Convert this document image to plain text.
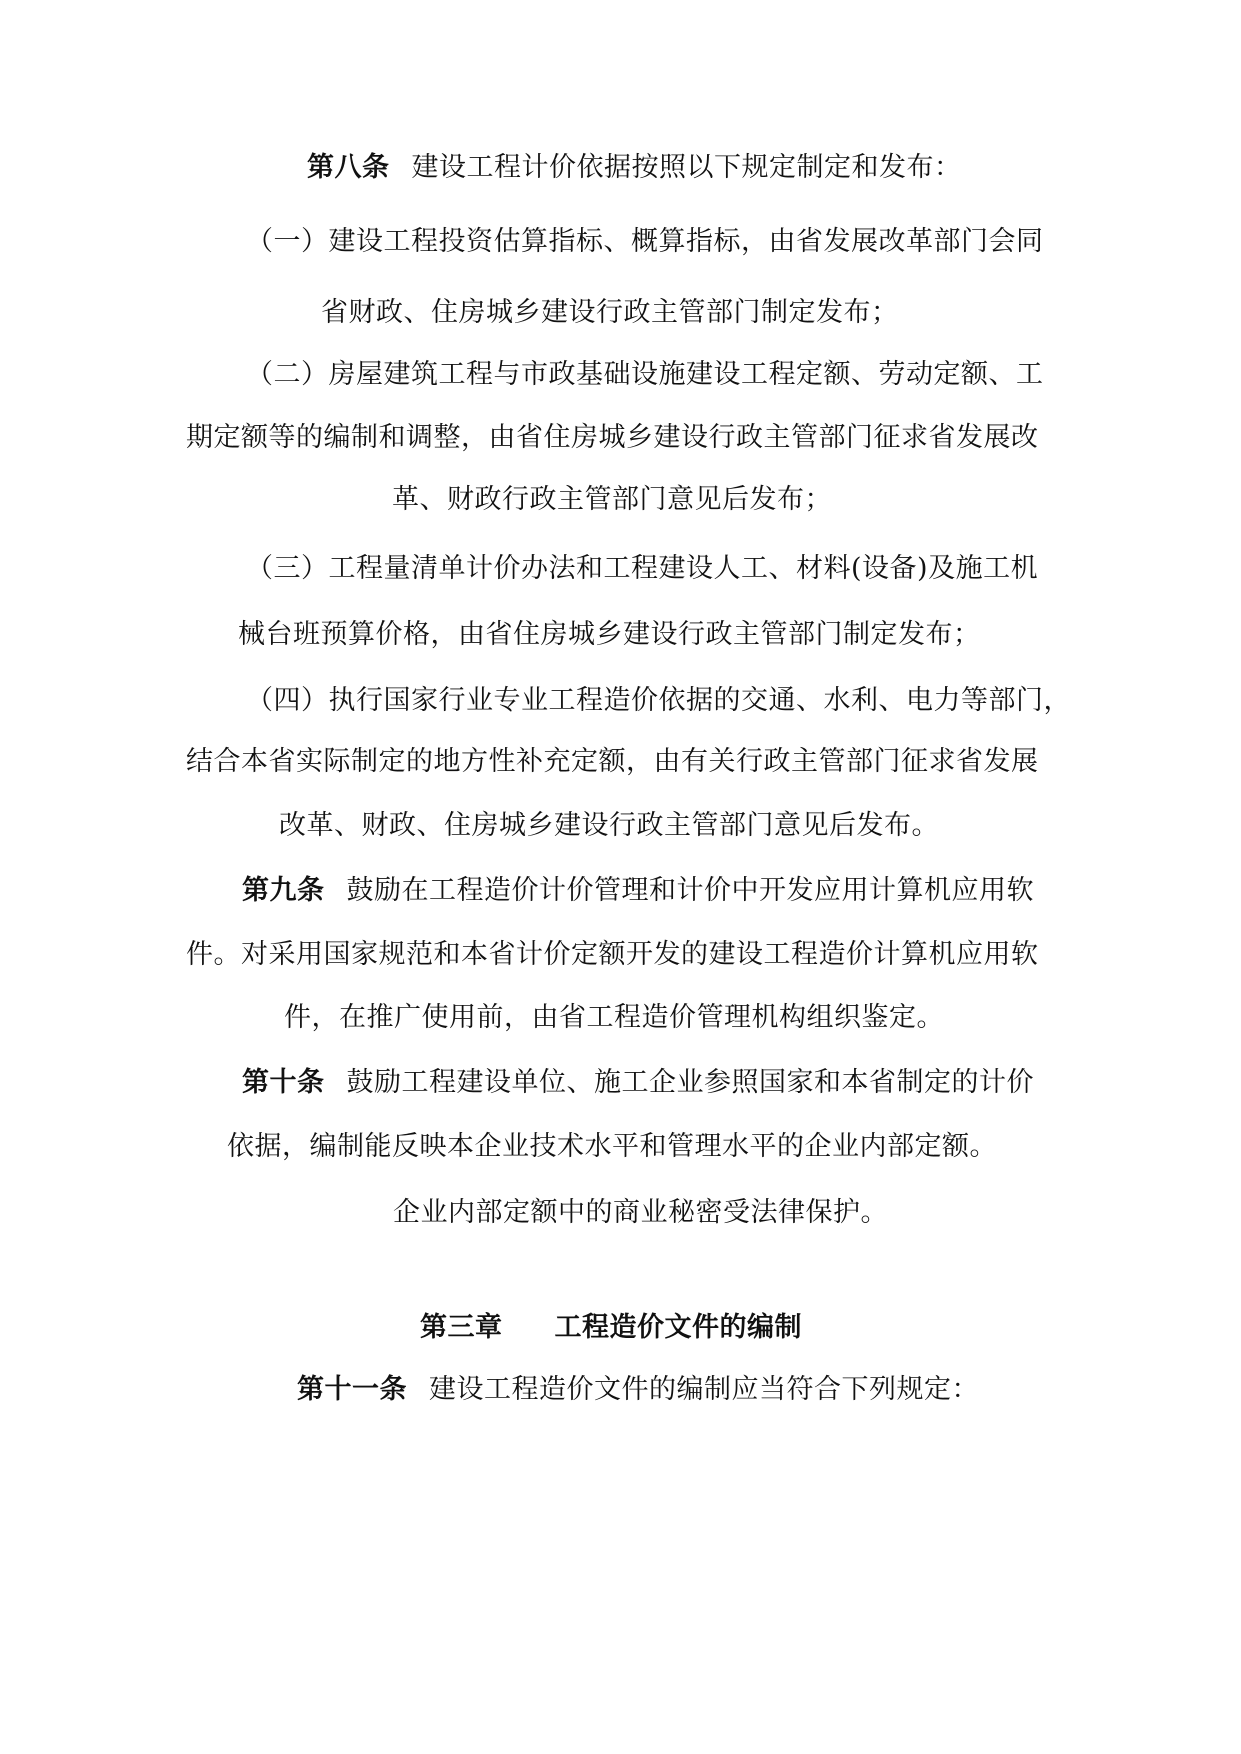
第八条 建设工程计价依据按照以下规定制定和发布：

（一）建设工程投资估算指标、概算指标，由省发展改革部门会同

省财政、住房城乡建设行政主管部门制定发布；

（二）房屋建筑工程与市政基础设施建设工程定额、劳动定额、工

期定额等的编制和调整，由省住房城乡建设行政主管部门征求省发展改

革、财政行政主管部门意见后发布；

（三）工程量清单计价办法和工程建设人工、材料(设备)及施工机

械台班预算价格，由省住房城乡建设行政主管部门制定发布；

（四）执行国家行业专业工程造价依据的交通、水利、电力等部门，

结合本省实际制定的地方性补充定额，由有关行政主管部门征求省发展

改革、财政、住房城乡建设行政主管部门意见后发布。

第九条 鼓励在工程造价计价管理和计价中开发应用计算机应用软

件。对采用国家规范和本省计价定额开发的建设工程造价计算机应用软

件，在推广使用前，由省工程造价管理机构组织鉴定。

第十条 鼓励工程建设单位、施工企业参照国家和本省制定的计价

依据，编制能反映本企业技术水平和管理水平的企业内部定额。

企业内部定额中的商业秘密受法律保护。

第三章 工程造价文件的编制

第十一条 建设工程造价文件的编制应当符合下列规定：
